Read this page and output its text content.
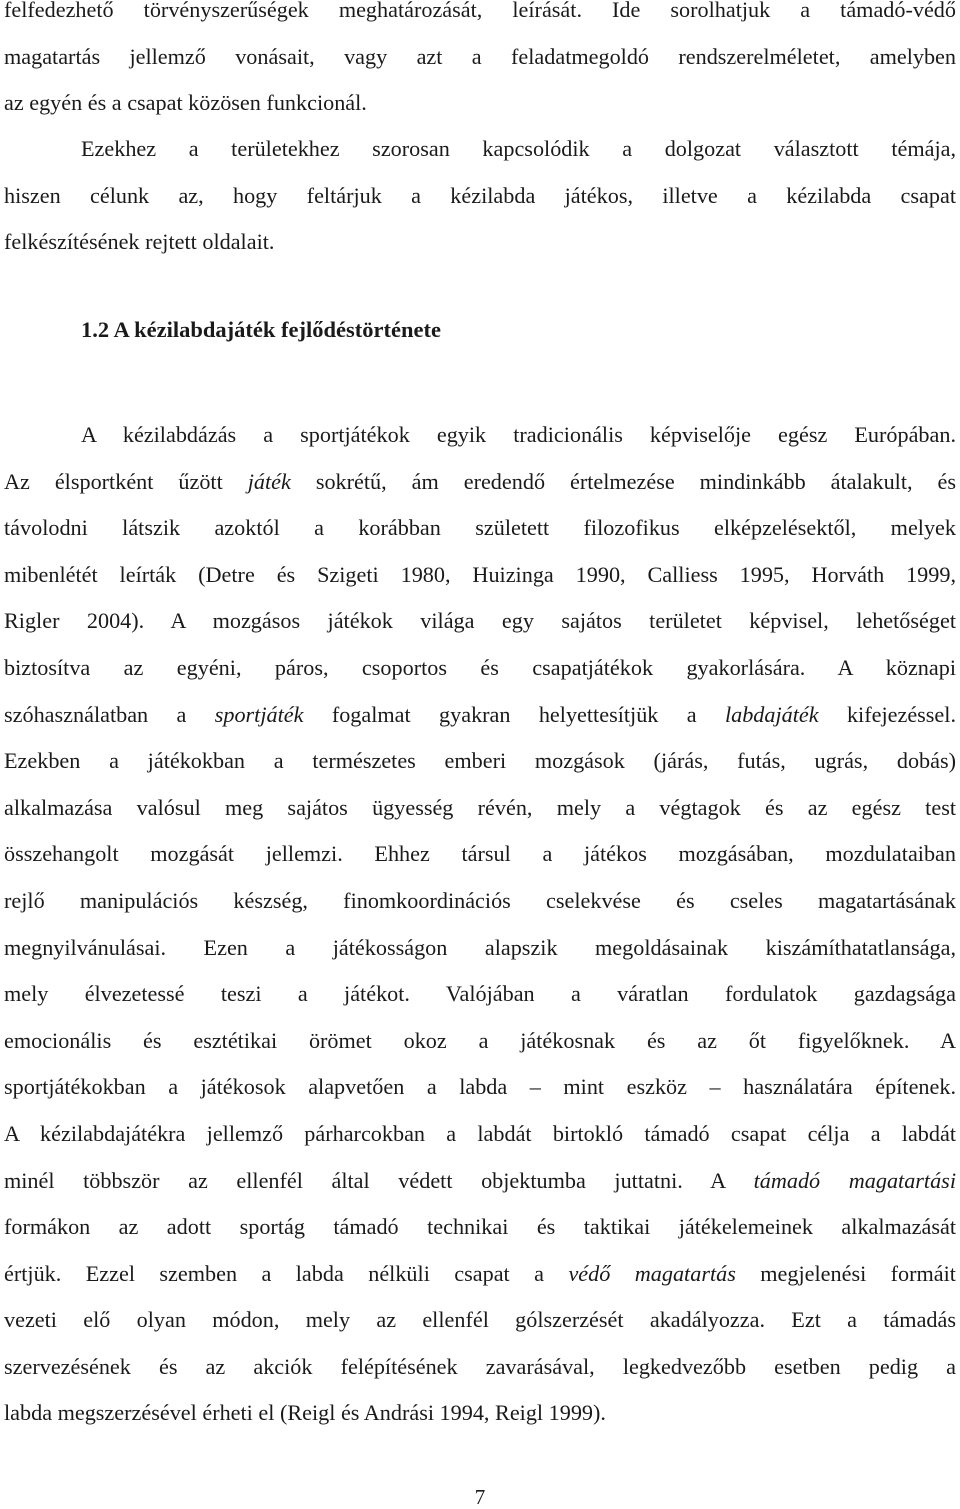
felfedezhető törvényszerűségek meghatározását, leírását. Ide sorolhatjuk a támadó-védő
magatartás jellemző vonásait, vagy azt a feladatmegoldó rendszerelméletet, amelyben
az egyén és a csapat közösen funkcionál.
Ezekhez a területekhez szorosan kapcsolódik a dolgozat választott témája,
hiszen célunk az, hogy feltárjuk a kézilabda játékos, illetve a kézilabda csapat
felkészítésének rejtett oldalait.
1.2 A kézilabdajáték fejlődéstörténete
A kézilabdázás a sportjátékok egyik tradicionális képviselője egész Európában.
Az élsportként űzött játék sokrétű, ám eredendő értelmezése mindinkább átalakult, és
távolodni látszik azoktól a korábban született filozofikus elképzelésektől, melyek
mibenlétét leírták (Detre és Szigeti 1980, Huizinga 1990, Calliess 1995, Horváth 1999,
Rigler 2004). A mozgásos játékok világa egy sajátos területet képvisel, lehetőséget
biztosítva az egyéni, páros, csoportos és csapatjátékok gyakorlására. A köznapi
szóhasználatban a sportjáték fogalmat gyakran helyettesítjük a labdajáték kifejezéssel.
Ezekben a játékokban a természetes emberi mozgások (járás, futás, ugrás, dobás)
alkalmazása valósul meg sajátos ügyesség révén, mely a végtagok és az egész test
összehangolt mozgását jellemzi. Ehhez társul a játékos mozgásában, mozdulataiban
rejlő manipulációs készség, finomkoordinációs cselekvése és cseles magatartásának
megnyilvánulásai. Ezen a játékosságon alapszik megoldásainak kiszámíthatatlansága,
mely élvezetessé teszi a játékot. Valójában a váratlan fordulatok gazdagsága
emocionális és esztétikai örömet okoz a játékosnak és az őt figyelőknek. A
sportjátékokban a játékosok alapvetően a labda – mint eszköz – használatára építenek.
A kézilabdajátékra jellemző párharcokban a labdát birtokló támadó csapat célja a labdát
minél többször az ellenfél által védett objektumba juttatni. A támadó magatartási
formákon az adott sportág támadó technikai és taktikai játékelemeinek alkalmazását
értjük. Ezzel szemben a labda nélküli csapat a védő magatartás megjelenési formáit
vezeti elő olyan módon, mely az ellenfél gólszerzését akadályozza. Ezt a támadás
szervezésének és az akciók felépítésének zavarásával, legkedvezőbb esetben pedig a
labda megszerzésével érheti el (Reigl és Andrási 1994, Reigl 1999).
7
